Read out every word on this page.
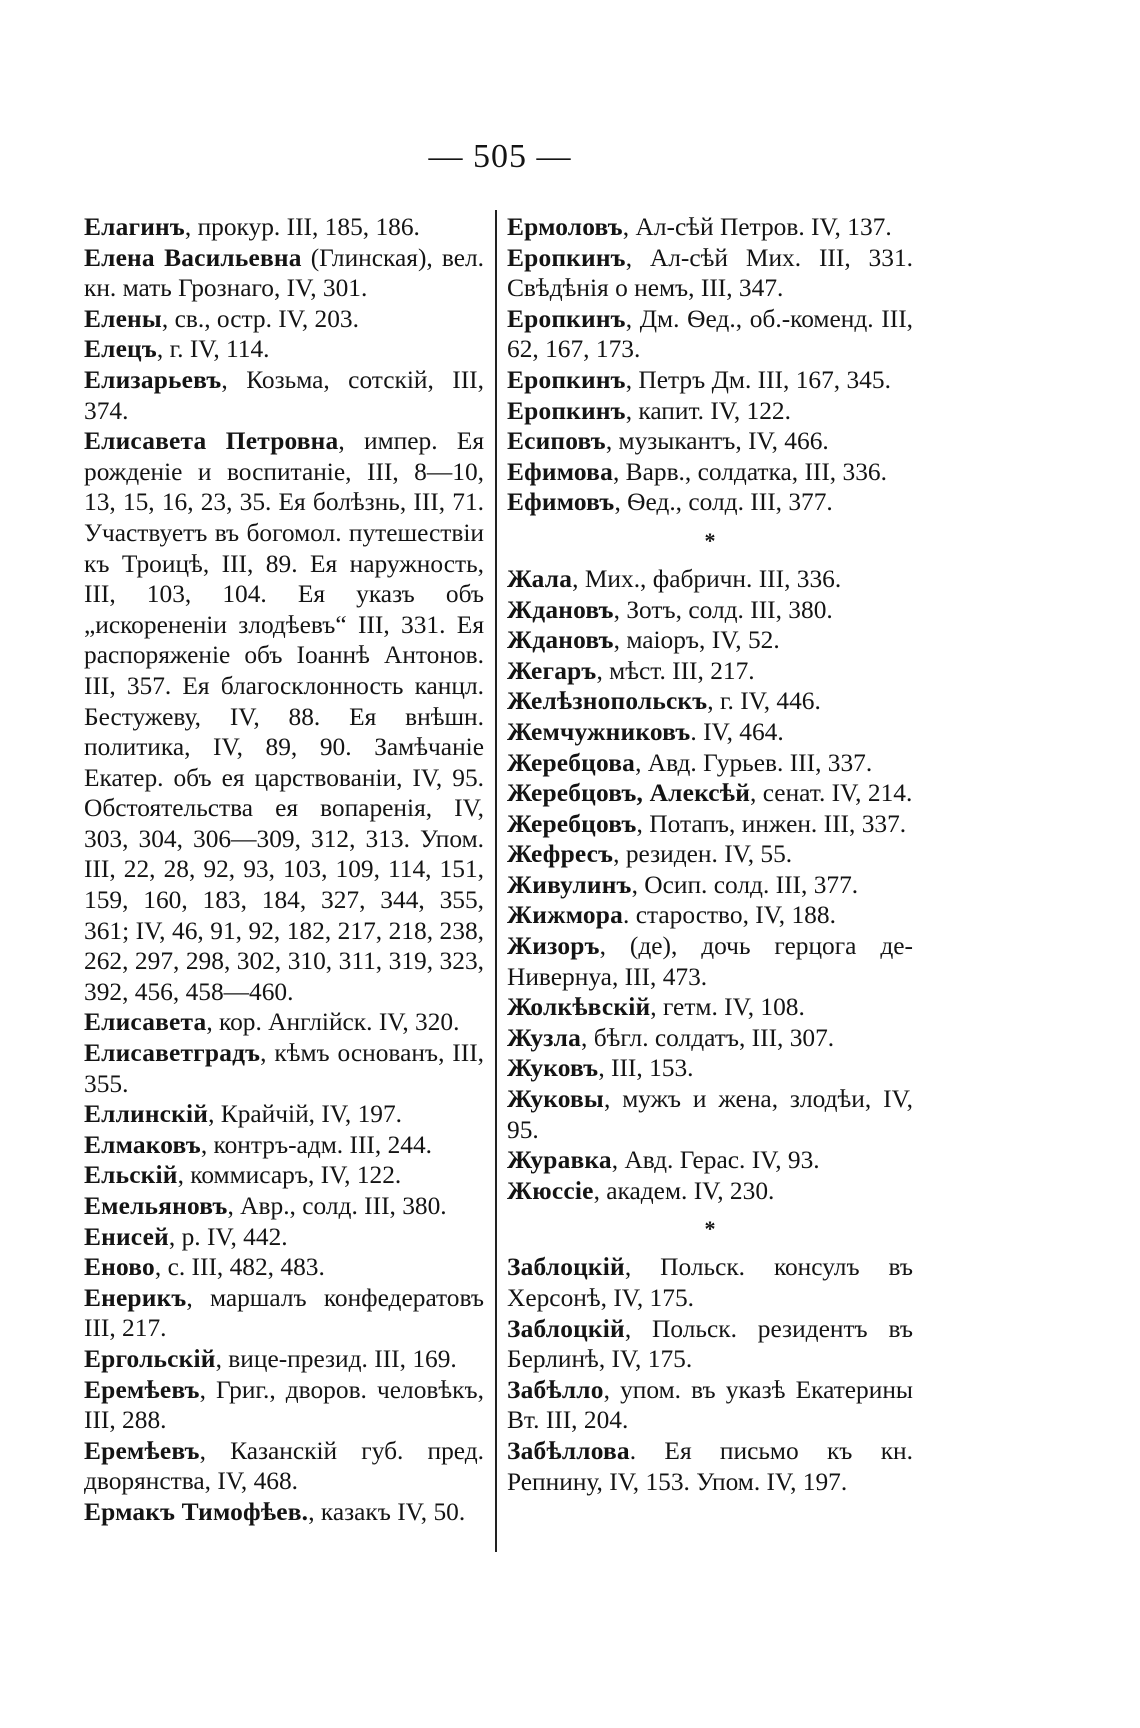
— 505 —

Елагинъ, прокур. III, 185, 186.

Елена Васильевна (Глинская), вел. кн. мать Грознаго, IV, 301.

Елены, св., остр. IV, 203.

Елецъ, г. IV, 114.

Елизарьевъ, Козьма, сотскій, III, 374.

Елисавета Петровна, импер. Ея рожденіе и воспитаніе, III, 8—10, 13, 15, 16, 23, 35. Ея болѣзнь, III, 71. Участвуетъ въ богомол. путешествіи къ Троицѣ, III, 89. Ея наружность, III, 103, 104. Ея указъ объ „искорененіи злодѣевъ“ III, 331. Ея распоряженіе объ Іоаннѣ Антонов. III, 357. Ея благосклонность канцл. Бестужеву, IV, 88. Ея внѣшн. политика, IV, 89, 90. Замѣчаніе Екатер. объ ея царствованіи, IV, 95. Обстоятельства ея вопаренія, IV, 303, 304, 306—309, 312, 313. Упом. III, 22, 28, 92, 93, 103, 109, 114, 151, 159, 160, 183, 184, 327, 344, 355, 361; IV, 46, 91, 92, 182, 217, 218, 238, 262, 297, 298, 302, 310, 311, 319, 323, 392, 456, 458—460.

Елисавета, кор. Англійск. IV, 320.

Елисаветградъ, кѣмъ основанъ, III, 355.

Еллинскій, Крайчій, IV, 197.

Елмаковъ, контръ-адм. III, 244.

Ельскій, коммисаръ, IV, 122.

Емельяновъ, Авр., солд. III, 380.

Енисей, р. IV, 442.

Еново, с. III, 482, 483.

Енерикъ, маршалъ конфедератовъ III, 217.

Ергольскій, вице-презид. III, 169.

Еремѣевъ, Григ., дворов. человѣкъ, III, 288.

Еремѣевъ, Казанскій губ. пред. дворянства, IV, 468.

Ермакъ Тимофѣев., казакъ IV, 50.

Ермоловъ, Ал-сѣй Петров. IV, 137.

Еропкинъ, Ал-сѣй Мих. III, 331. Свѣдѣнія о немъ, III, 347.

Еропкинъ, Дм. Ѳед., об.-коменд. III, 62, 167, 173.

Еропкинъ, Петръ Дм. III, 167, 345.

Еропкинъ, капит. IV, 122.

Есиповъ, музыкантъ, IV, 466.

Ефимова, Варв., солдатка, III, 336.

Ефимовъ, Ѳед., солд. III, 377.

*

Жала, Мих., фабричн. III, 336.

Ждановъ, Зотъ, солд. III, 380.

Ждановъ, маіоръ, IV, 52.

Жегаръ, мѣст. III, 217.

Желѣзнопольскъ, г. IV, 446.

Жемчужниковъ. IV, 464.

Жеребцова, Авд. Гурьев. III, 337.

Жеребцовъ, Алексѣй, сенат. IV, 214.

Жеребцовъ, Потапъ, инжен. III, 337.

Жефресъ, резиден. IV, 55.

Живулинъ, Осип. солд. III, 377.

Жижмора. староство, IV, 188.

Жизоръ, (де), дочь герцога де-Нивернуа, III, 473.

Жолкѣвскій, гетм. IV, 108.

Жузла, бѣгл. солдатъ, III, 307.

Жуковъ, III, 153.

Жуковы, мужъ и жена, злодѣи, IV, 95.

Журавка, Авд. Герас. IV, 93.

Жюссіе, академ. IV, 230.

*

Заблоцкій, Польск. консулъ въ Херсонѣ, IV, 175.

Заблоцкій, Польск. резидентъ въ Берлинѣ, IV, 175.

Забѣлло, упом. въ указѣ Екатерины Вт. III, 204.

Забѣллова. Ея письмо къ кн. Репнину, IV, 153. Упом. IV, 197.
